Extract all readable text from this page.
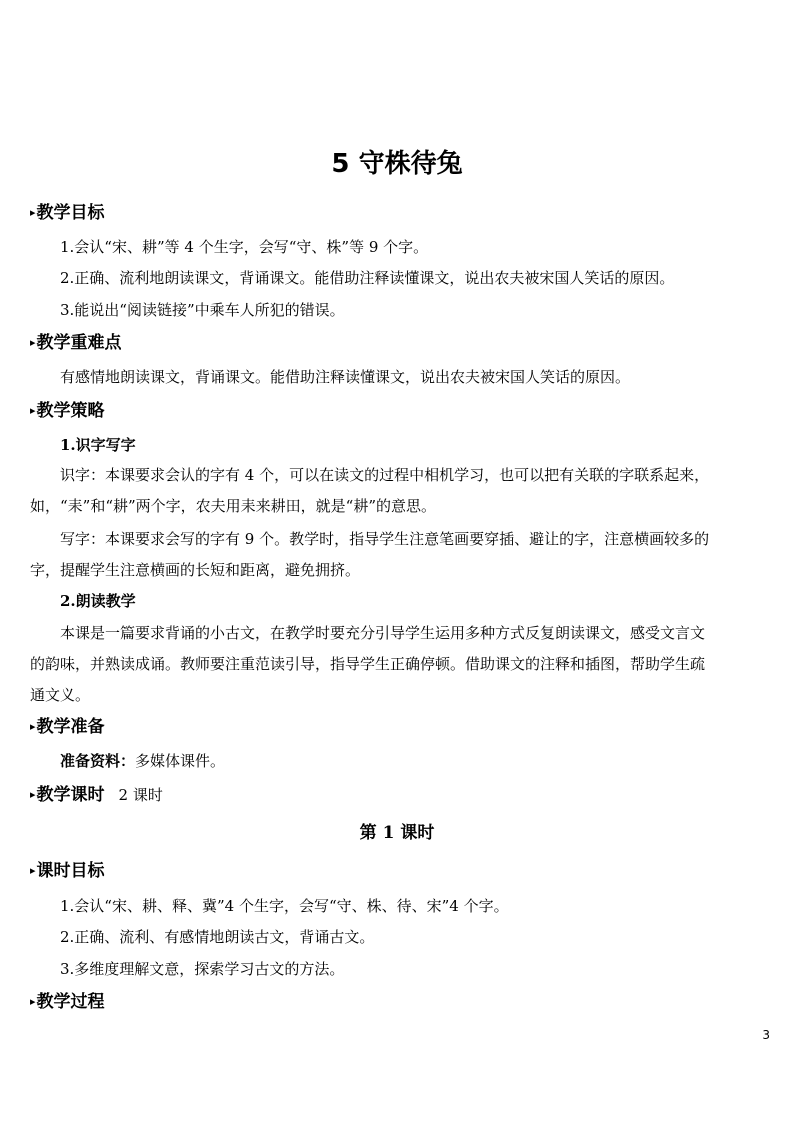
5 守株待兔
▸教学目标
1.会认“宋、耕”等 4 个生字，会写“守、株”等 9 个字。
2.正确、流利地朗读课文，背诵课文。能借助注释读懂课文，说出农夫被宋国人笑话的原因。
3.能说出“阅读链接”中乘车人所犯的错误。
▸教学重难点
有感情地朗读课文，背诵课文。能借助注释读懂课文，说出农夫被宋国人笑话的原因。
▸教学策略
1.识字写字
识字：本课要求会认的字有 4 个，可以在读文的过程中相机学习，也可以把有关联的字联系起来，
如，“耒”和“耕”两个字，农夫用耒来耕田，就是“耕”的意思。
写字：本课要求会写的字有 9 个。教学时，指导学生注意笔画要穿插、避让的字，注意横画较多的
字，提醒学生注意横画的长短和距离，避免拥挤。
2.朗读教学
本课是一篇要求背诵的小古文，在教学时要充分引导学生运用多种方式反复朗读课文，感受文言文
的韵味，并熟读成诵。教师要注重范读引导，指导学生正确停顿。借助课文的注释和插图，帮助学生疏
通文义。
▸教学准备
准备资料：多媒体课件。
▸教学课时 2 课时
第 1 课时
▸课时目标
1.会认“宋、耕、释、冀”4 个生字，会写“守、株、待、宋”4 个字。
2.正确、流利、有感情地朗读古文，背诵古文。
3.多维度理解文意，探索学习古文的方法。
▸教学过程
3
